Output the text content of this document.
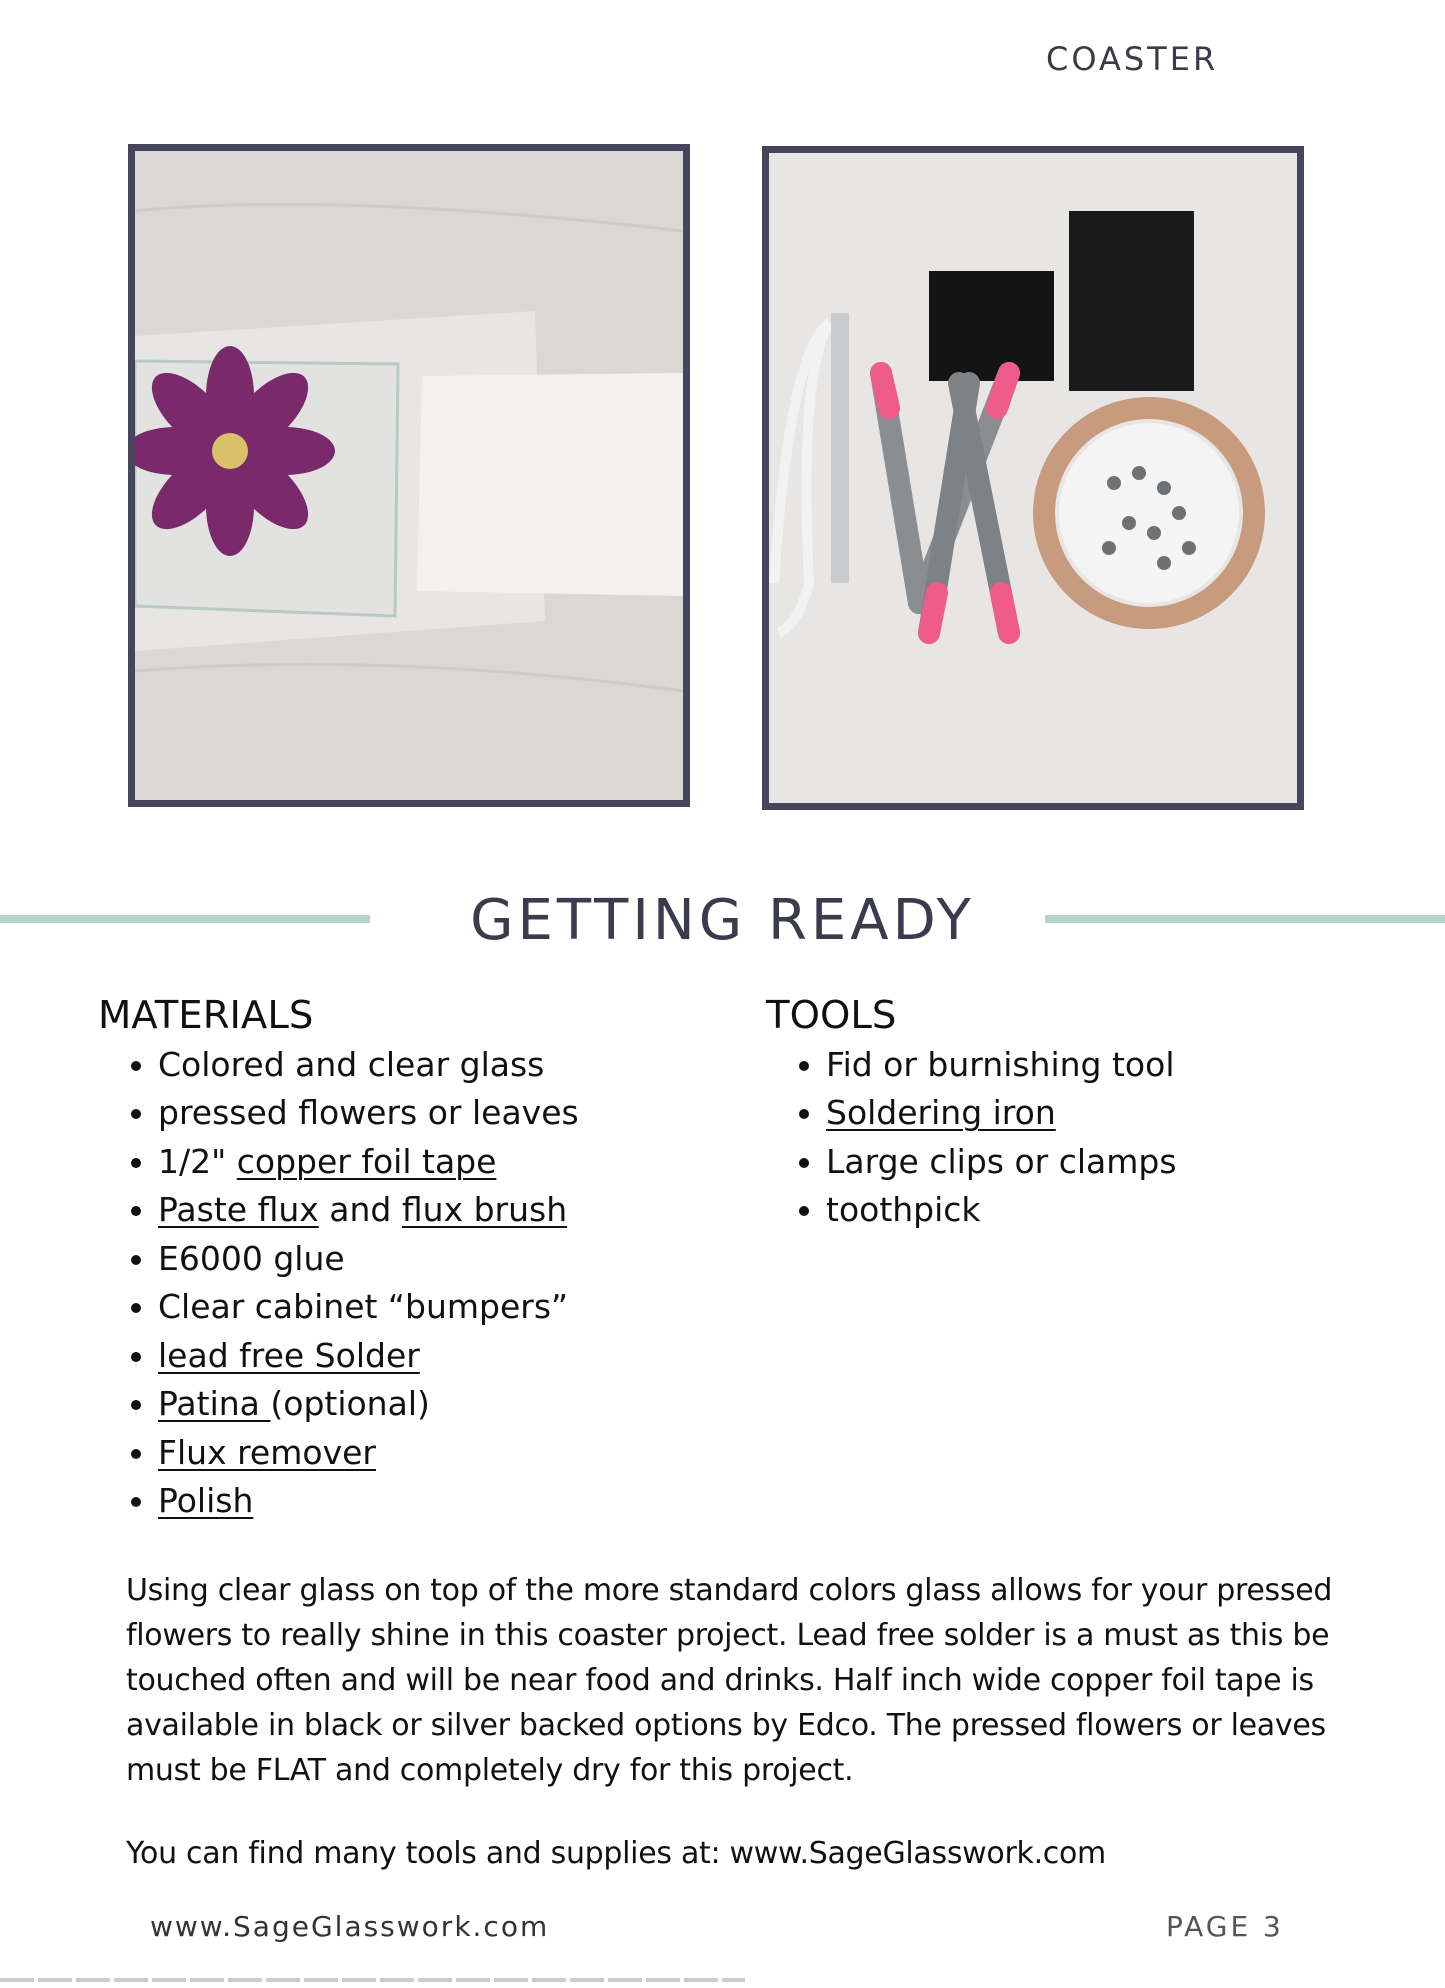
COASTER
GETTING READY
MATERIALS
• Colored and clear glass
• pressed flowers or leaves
• 1/2" copper foil tape
• Paste flux and flux brush
• E6000 glue
• Clear cabinet “bumpers”
• lead free Solder
• Patina (optional)
• Flux remover
• Polish
TOOLS
• Fid or burnishing tool
• Soldering iron
• Large clips or clamps
• toothpick

Using clear glass on top of the more standard colors glass allows for your pressed flowers to really shine in this coaster project. Lead free solder is a must as this be touched often and will be near food and drinks. Half inch wide copper foil tape is available in black or silver backed options by Edco. The pressed flowers or leaves must be FLAT and completely dry for this project.

You can find many tools and supplies at: www.SageGlasswork.com

www.SageGlasswork.com	PAGE 3
